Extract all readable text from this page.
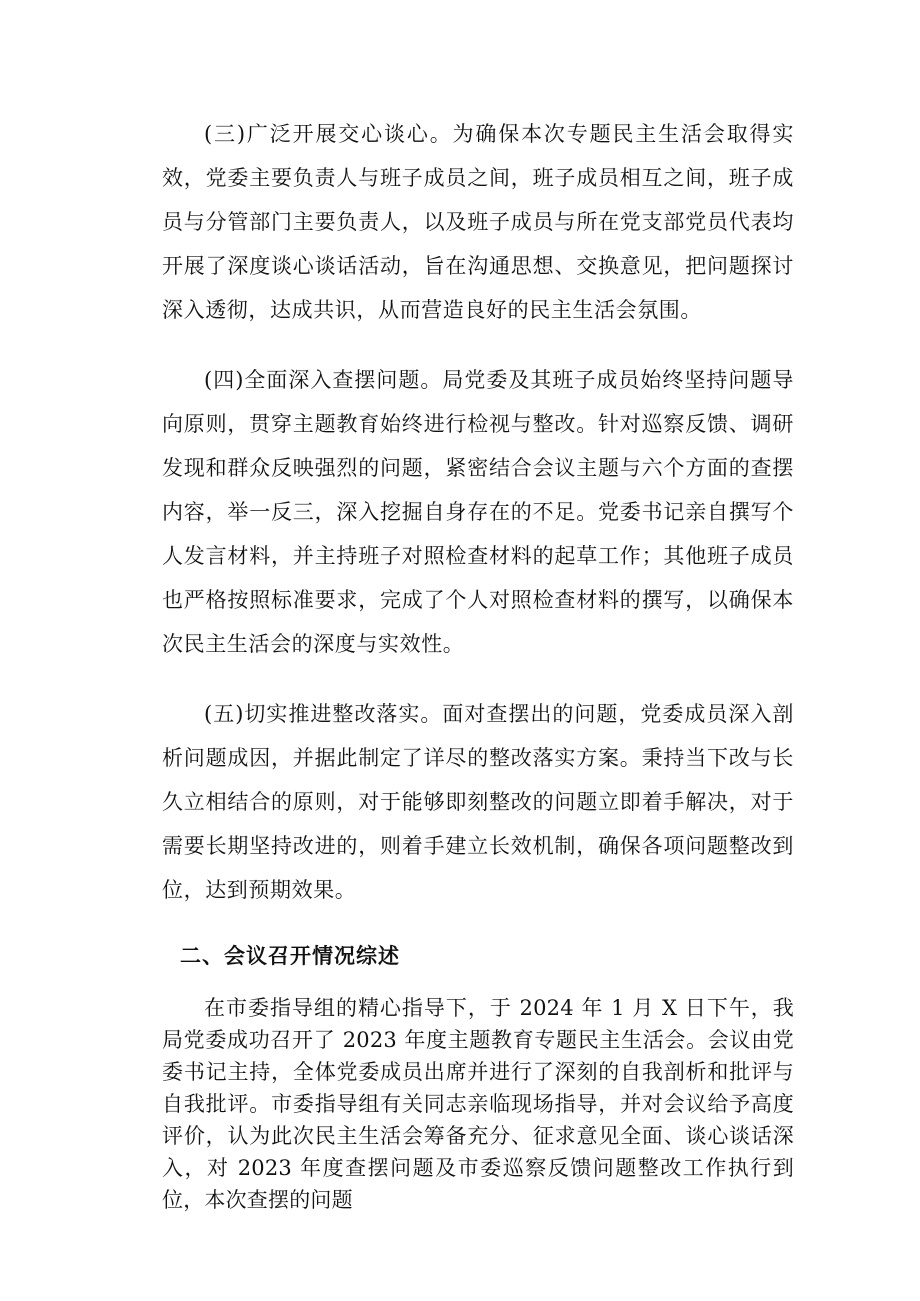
(三)广泛开展交心谈心。为确保本次专题民主生活会取得实效，党委主要负责人与班子成员之间，班子成员相互之间，班子成员与分管部门主要负责人，以及班子成员与所在党支部党员代表均开展了深度谈心谈话活动，旨在沟通思想、交换意见，把问题探讨深入透彻，达成共识，从而营造良好的民主生活会氛围。

(四)全面深入查摆问题。局党委及其班子成员始终坚持问题导向原则，贯穿主题教育始终进行检视与整改。针对巡察反馈、调研发现和群众反映强烈的问题，紧密结合会议主题与六个方面的查摆内容，举一反三，深入挖掘自身存在的不足。党委书记亲自撰写个人发言材料，并主持班子对照检查材料的起草工作；其他班子成员也严格按照标准要求，完成了个人对照检查材料的撰写，以确保本次民主生活会的深度与实效性。

(五)切实推进整改落实。面对查摆出的问题，党委成员深入剖析问题成因，并据此制定了详尽的整改落实方案。秉持当下改与长久立相结合的原则，对于能够即刻整改的问题立即着手解决，对于需要长期坚持改进的，则着手建立长效机制，确保各项问题整改到位，达到预期效果。

二、会议召开情况综述

在市委指导组的精心指导下，于 2024 年 1 月 X 日下午，我局党委成功召开了 2023 年度主题教育专题民主生活会。会议由党委书记主持，全体党委成员出席并进行了深刻的自我剖析和批评与自我批评。市委指导组有关同志亲临现场指导，并对会议给予高度评价，认为此次民主生活会筹备充分、征求意见全面、谈心谈话深入，对 2023 年度查摆问题及市委巡察反馈问题整改工作执行到位，本次查摆的问题
